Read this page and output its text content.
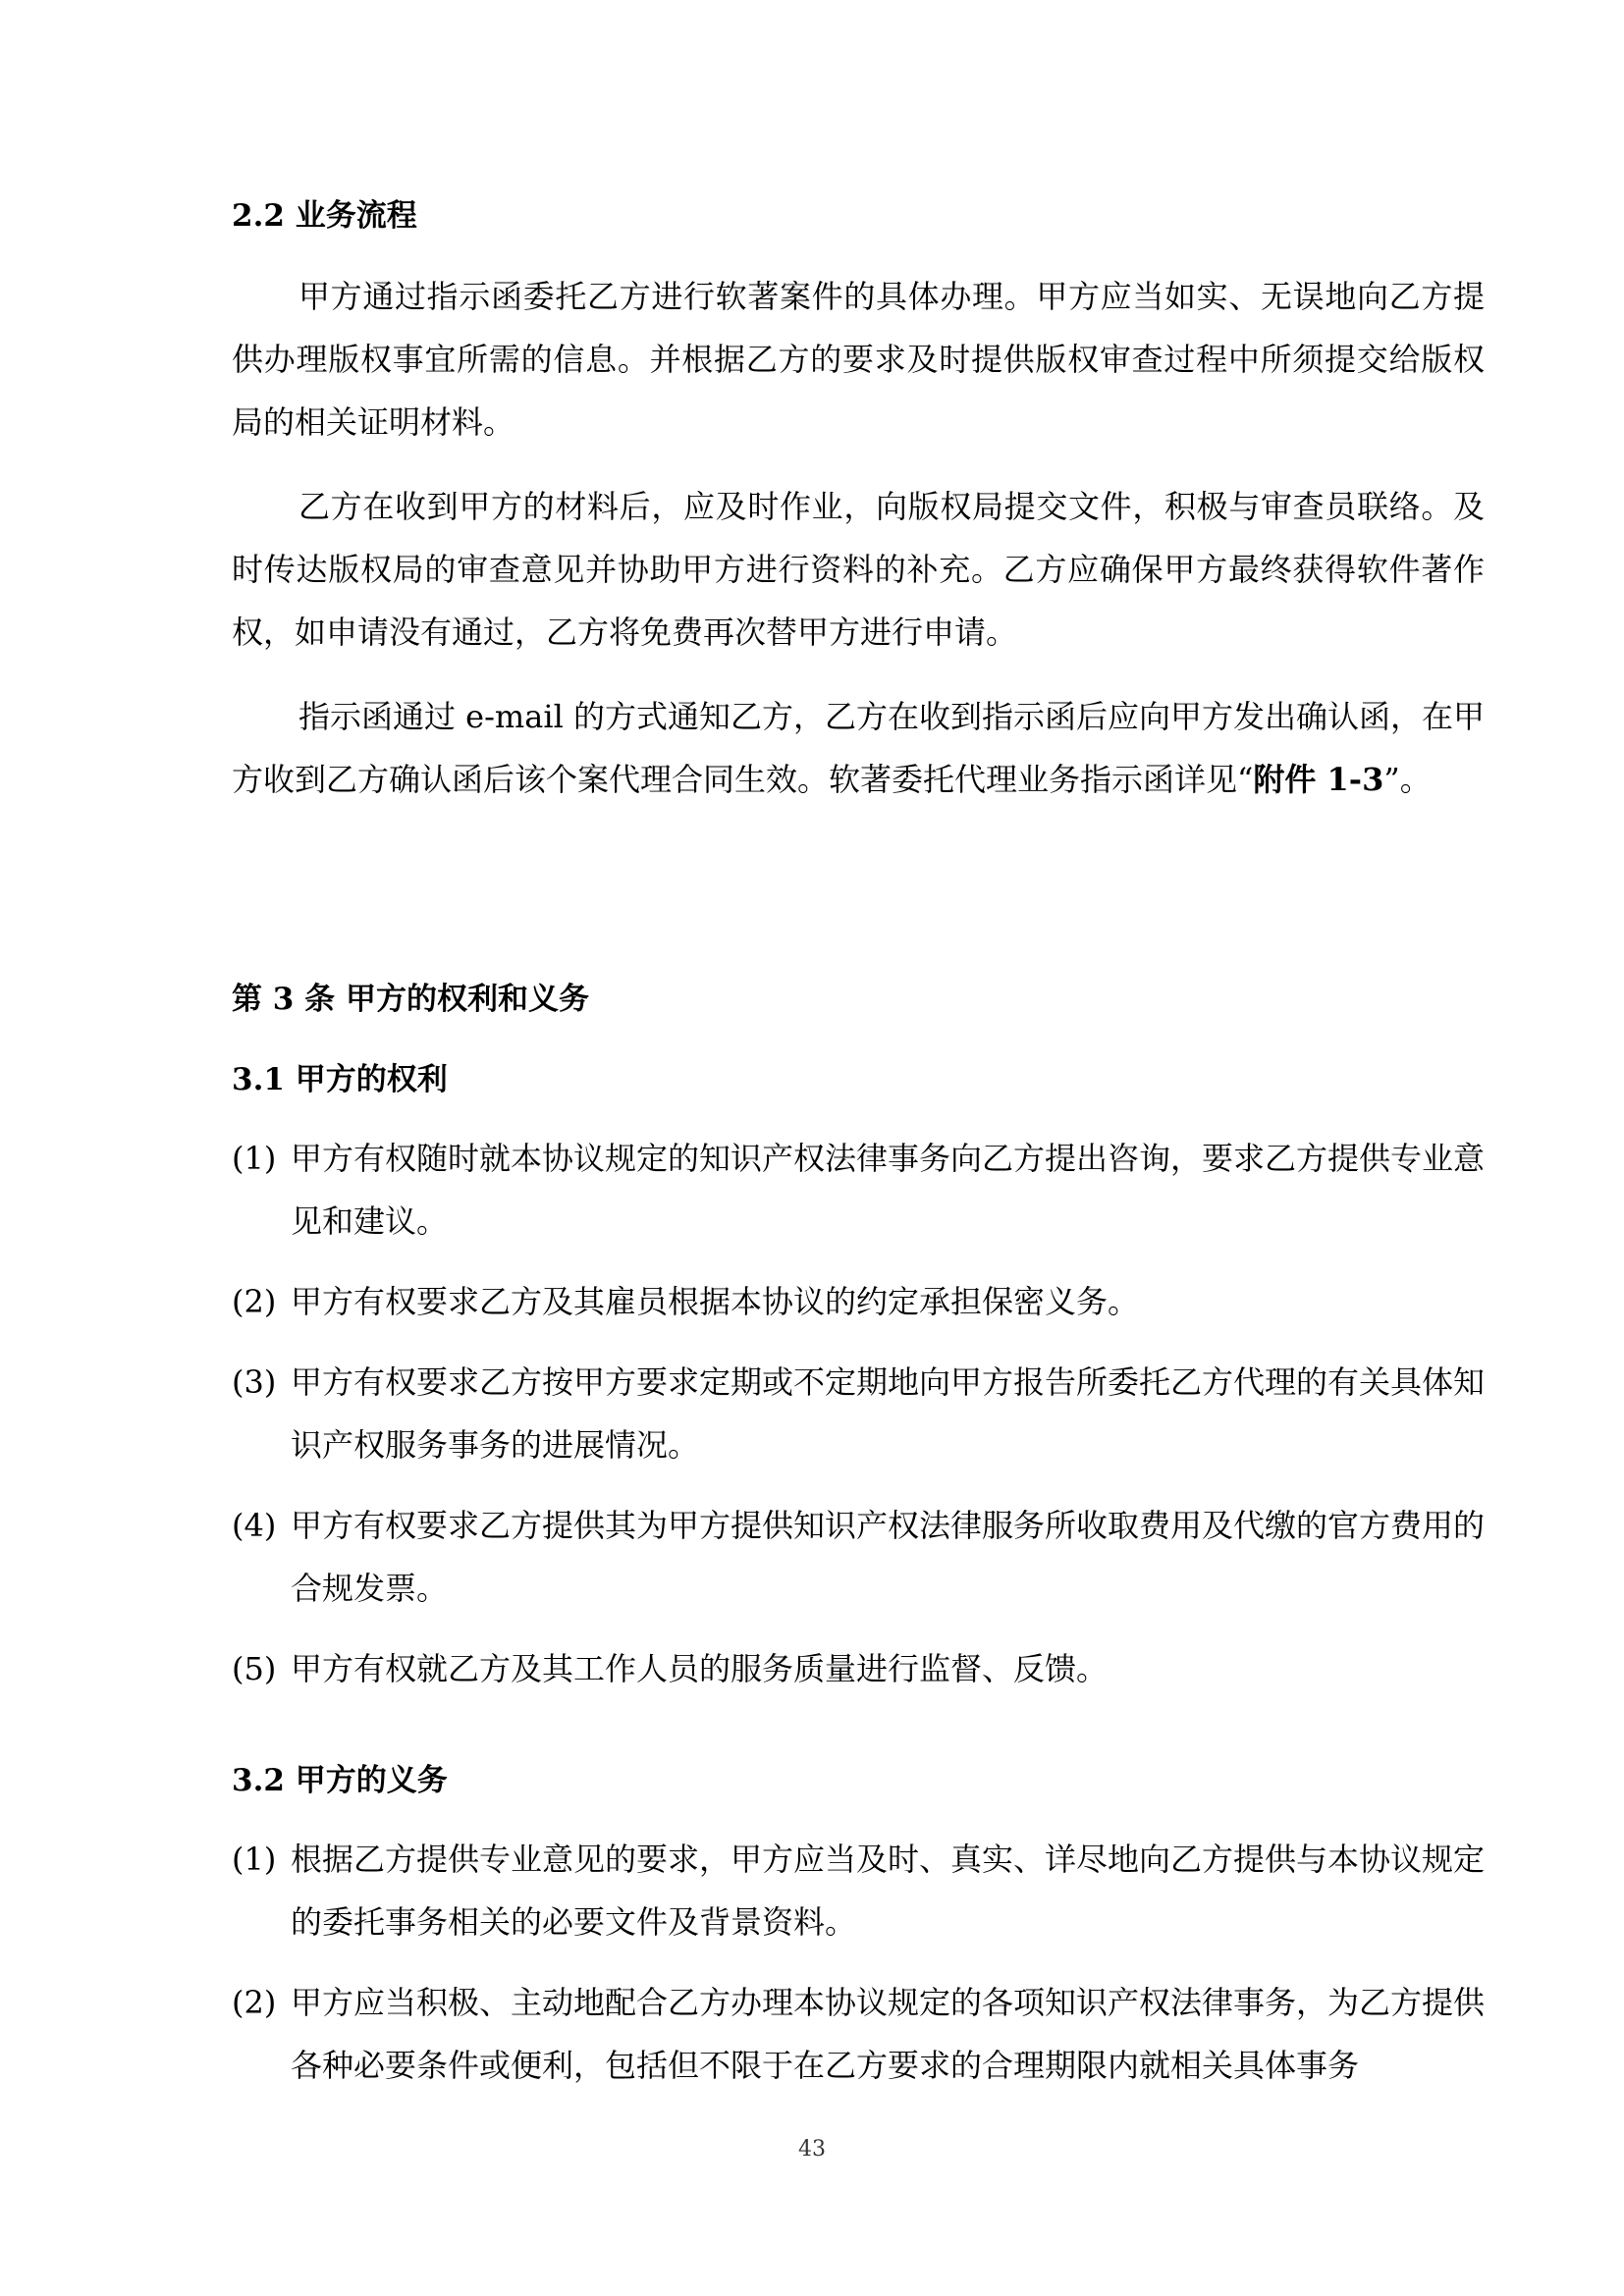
2.2 业务流程

甲方通过指示函委托乙方进行软著案件的具体办理。甲方应当如实、无误地向乙方提供办理版权事宜所需的信息。并根据乙方的要求及时提供版权审查过程中所须提交给版权局的相关证明材料。

乙方在收到甲方的材料后，应及时作业，向版权局提交文件，积极与审查员联络。及时传达版权局的审查意见并协助甲方进行资料的补充。乙方应确保甲方最终获得软件著作权，如申请没有通过，乙方将免费再次替甲方进行申请。

指示函通过 e-mail 的方式通知乙方，乙方在收到指示函后应向甲方发出确认函，在甲方收到乙方确认函后该个案代理合同生效。软著委托代理业务指示函详见“附件 1-3”。

第 3 条 甲方的权利和义务
3.1 甲方的权利
(1) 甲方有权随时就本协议规定的知识产权法律事务向乙方提出咨询，要求乙方提供专业意见和建议。
(2) 甲方有权要求乙方及其雇员根据本协议的约定承担保密义务。
(3) 甲方有权要求乙方按甲方要求定期或不定期地向甲方报告所委托乙方代理的有关具体知识产权服务事务的进展情况。
(4) 甲方有权要求乙方提供其为甲方提供知识产权法律服务所收取费用及代缴的官方费用的合规发票。
(5) 甲方有权就乙方及其工作人员的服务质量进行监督、反馈。
3.2 甲方的义务
(1) 根据乙方提供专业意见的要求，甲方应当及时、真实、详尽地向乙方提供与本协议规定的委托事务相关的必要文件及背景资料。
(2) 甲方应当积极、主动地配合乙方办理本协议规定的各项知识产权法律事务，为乙方提供各种必要条件或便利，包括但不限于在乙方要求的合理期限内就相关具体事务
43
